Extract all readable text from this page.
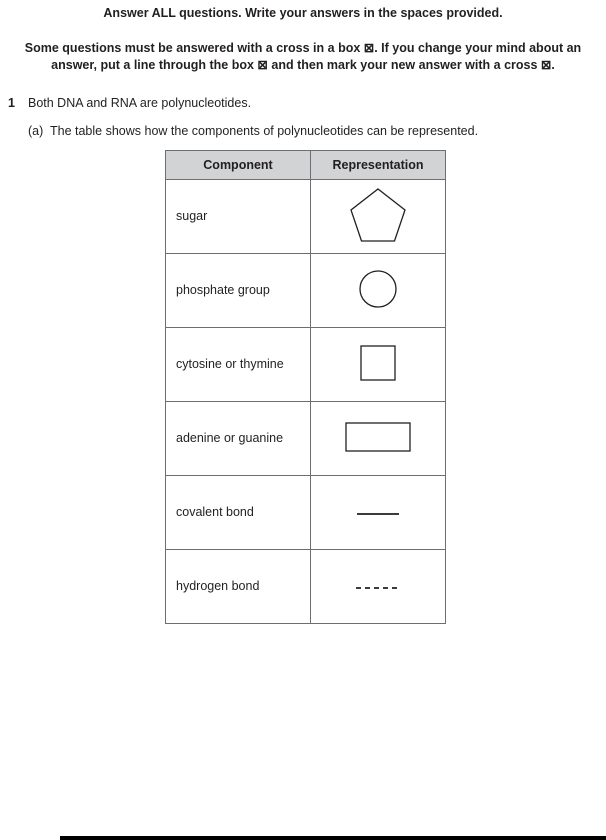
Answer ALL questions. Write your answers in the spaces provided.
Some questions must be answered with a cross in a box ⊠. If you change your mind about an answer, put a line through the box ⊠ and then mark your new answer with a cross ⊠.
1	Both DNA and RNA are polynucleotides.
(a) The table shows how the components of polynucleotides can be represented.
Component	Representation
sugar	
phosphate group	
cytosine or thymine	
adenine or guanine	
covalent bond	
hydrogen bond	
